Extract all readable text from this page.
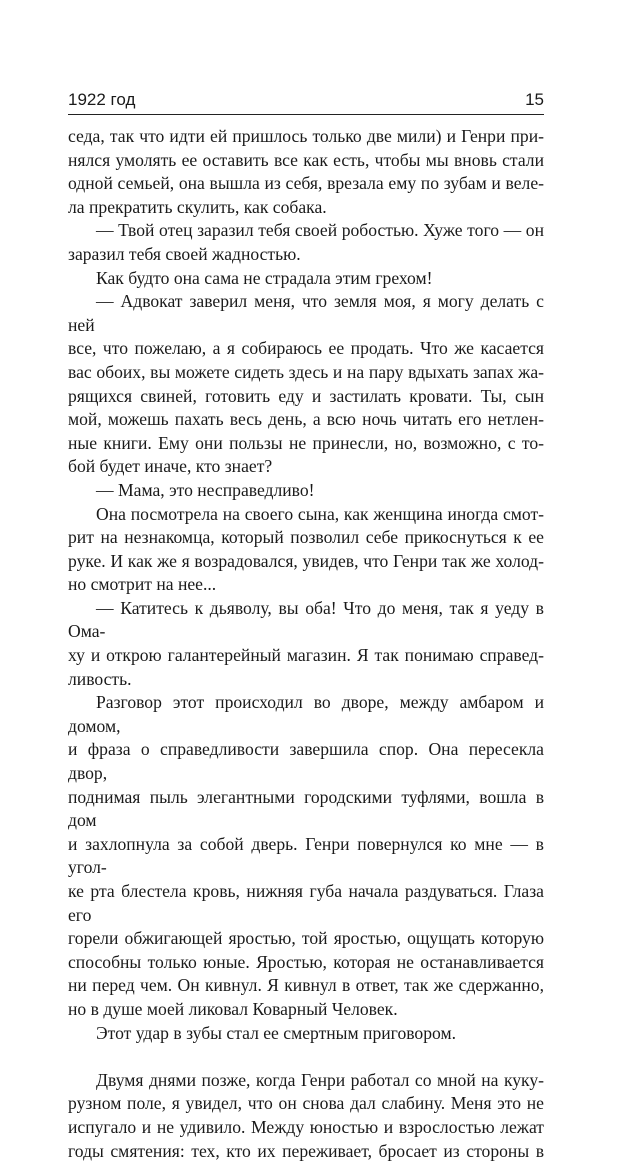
1922 год	15

седа, так что идти ей пришлось только две мили) и Генри при-
нялся умолять ее оставить все как есть, чтобы мы вновь стали
одной семьей, она вышла из себя, врезала ему по зубам и веле-
ла прекратить скулить, как собака.

— Твой отец заразил тебя своей робостью. Хуже того — он
заразил тебя своей жадностью.

Как будто она сама не страдала этим грехом!

— Адвокат заверил меня, что земля моя, я могу делать с ней
все, что пожелаю, а я собираюсь ее продать. Что же касается
вас обоих, вы можете сидеть здесь и на пару вдыхать запах жа-
рящихся свиней, готовить еду и застилать кровати. Ты, сын
мой, можешь пахать весь день, а всю ночь читать его нетлен-
ные книги. Ему они пользы не принесли, но, возможно, с то-
бой будет иначе, кто знает?

— Мама, это несправедливо!

Она посмотрела на своего сына, как женщина иногда смот-
рит на незнакомца, который позволил себе прикоснуться к ее
руке. И как же я возрадовался, увидев, что Генри так же холод-
но смотрит на нее...

— Катитесь к дьяволу, вы оба! Что до меня, так я уеду в Ома-
ху и открою галантерейный магазин. Я так понимаю справед-
ливость.

Разговор этот происходил во дворе, между амбаром и домом,
и фраза о справедливости завершила спор. Она пересекла двор,
поднимая пыль элегантными городскими туфлями, вошла в дом
и захлопнула за собой дверь. Генри повернулся ко мне — в угол-
ке рта блестела кровь, нижняя губа начала раздуваться. Глаза его
горели обжигающей яростью, той яростью, ощущать которую
способны только юные. Яростью, которая не останавливается
ни перед чем. Он кивнул. Я кивнул в ответ, так же сдержанно,
но в душе моей ликовал Коварный Человек.

Этот удар в зубы стал ее смертным приговором.

Двумя днями позже, когда Генри работал со мной на куку-
рузном поле, я увидел, что он снова дал слабину. Меня это не
испугало и не удивило. Между юностью и взрослостью лежат
годы смятения: тех, кто их переживает, бросает из стороны в
